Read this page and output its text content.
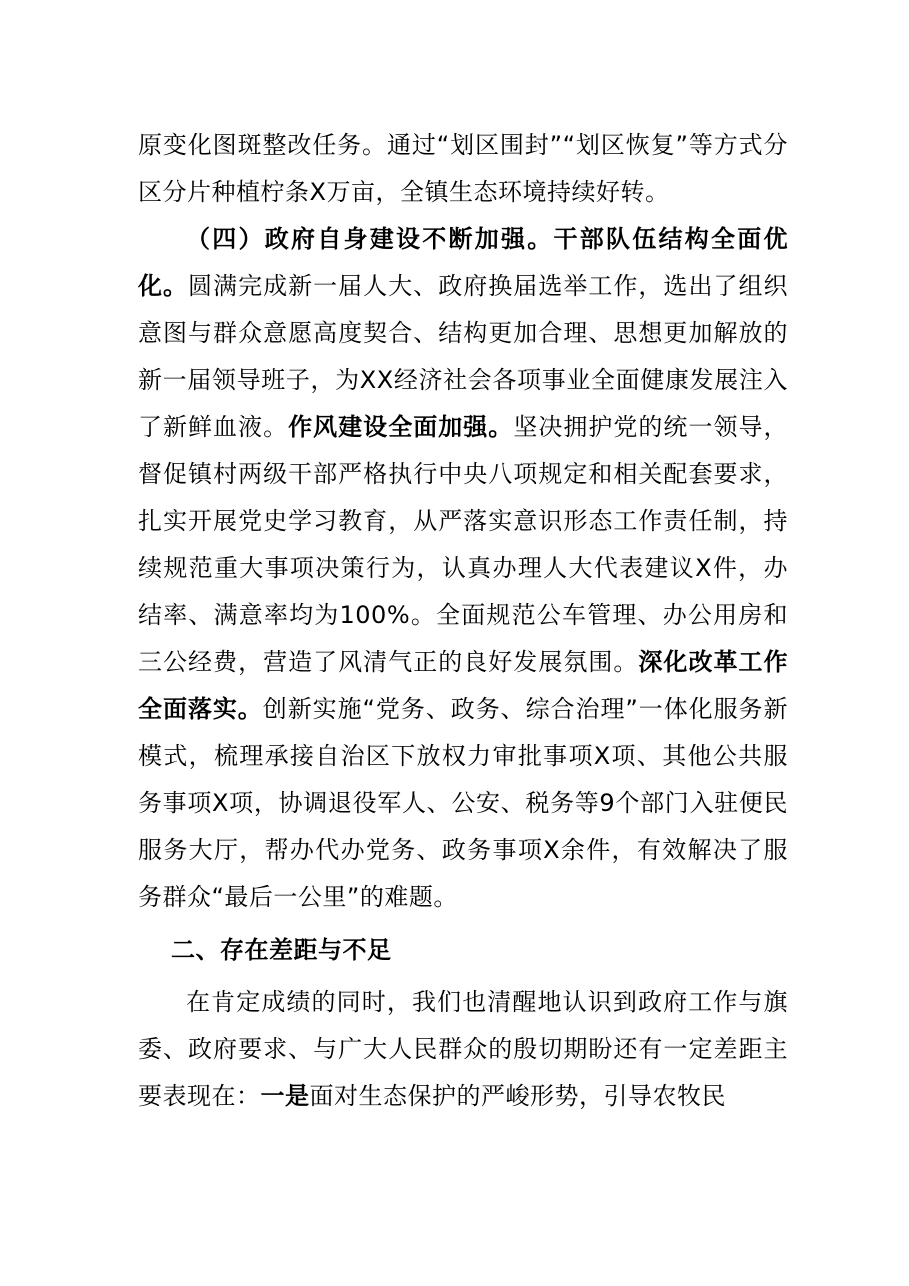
原变化图斑整改任务。通过“划区围封”“划区恢复”等方式分区分片种植柠条X万亩，全镇生态环境持续好转。

（四）政府自身建设不断加强。干部队伍结构全面优化。圆满完成新一届人大、政府换届选举工作，选出了组织意图与群众意愿高度契合、结构更加合理、思想更加解放的新一届领导班子，为XX经济社会各项事业全面健康发展注入了新鲜血液。作风建设全面加强。坚决拥护党的统一领导，督促镇村两级干部严格执行中央八项规定和相关配套要求，扎实开展党史学习教育，从严落实意识形态工作责任制，持续规范重大事项决策行为，认真办理人大代表建议X件，办结率、满意率均为100%。全面规范公车管理、办公用房和三公经费，营造了风清气正的良好发展氛围。深化改革工作全面落实。创新实施“党务、政务、综合治理”一体化服务新模式，梳理承接自治区下放权力审批事项X项、其他公共服务事项X项，协调退役军人、公安、税务等9个部门入驻便民服务大厅，帮办代办党务、政务事项X余件，有效解决了服务群众“最后一公里”的难题。

二、存在差距与不足

在肯定成绩的同时，我们也清醒地认识到政府工作与旗委、政府要求、与广大人民群众的殷切期盼还有一定差距主要表现在：一是面对生态保护的严峻形势，引导农牧民
